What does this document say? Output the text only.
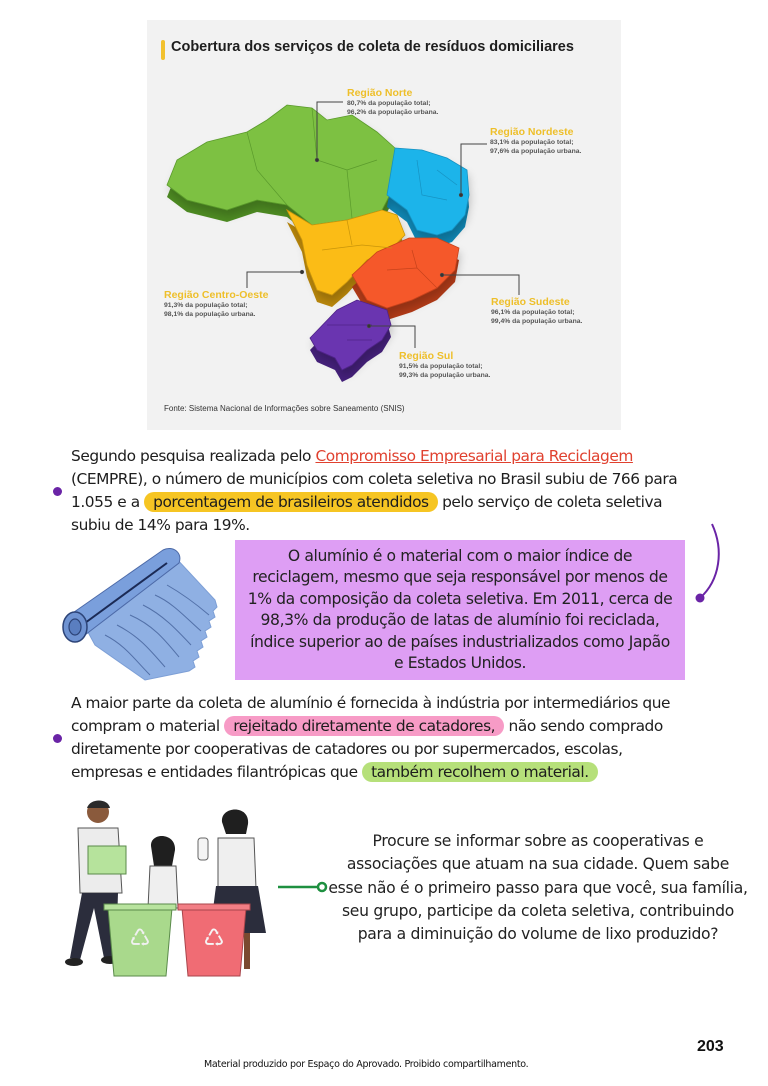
Cobertura dos serviços de coleta de resíduos domiciliares
Região Norte
80,7% da população total;
96,2% da população urbana.
Região Nordeste
83,1% da população total;
97,6% da população urbana.
Região Centro-Oeste
91,3% da população total;
98,1% da população urbana.
Região Sudeste
96,1% da população total;
99,4% da população urbana.
Região Sul
91,5% da população total;
99,3% da população urbana.
Fonte: Sistema Nacional de Informações sobre Saneamento (SNIS)
Segundo pesquisa realizada pelo Compromisso Empresarial para Reciclagem
(CEMPRE), o número de municípios com coleta seletiva no Brasil subiu de 766 para
1.055 e a porcentagem de brasileiros atendidos pelo serviço de coleta seletiva
subiu de 14% para 19%.

O alumínio é o material com o maior índice de reciclagem, mesmo que seja responsável por menos de 1% da composição da coleta seletiva. Em 2011, cerca de 98,3% da produção de latas de alumínio foi reciclada, índice superior ao de países industrializados como Japão e Estados Unidos.

A maior parte da coleta de alumínio é fornecida à indústria por intermediários que
compram o material rejeitado diretamente de catadores, não sendo comprado
diretamente por cooperativas de catadores ou por supermercados, escolas,
empresas e entidades filantrópicas que também recolhem o material.
♺ ♺
Procure se informar sobre as cooperativas e associações que atuam na sua cidade. Quem sabe esse não é o primeiro passo para que você, sua família, seu grupo, participe da coleta seletiva, contribuindo para a diminuição do volume de lixo produzido?
203
Material produzido por Espaço do Aprovado. Proibido compartilhamento.
